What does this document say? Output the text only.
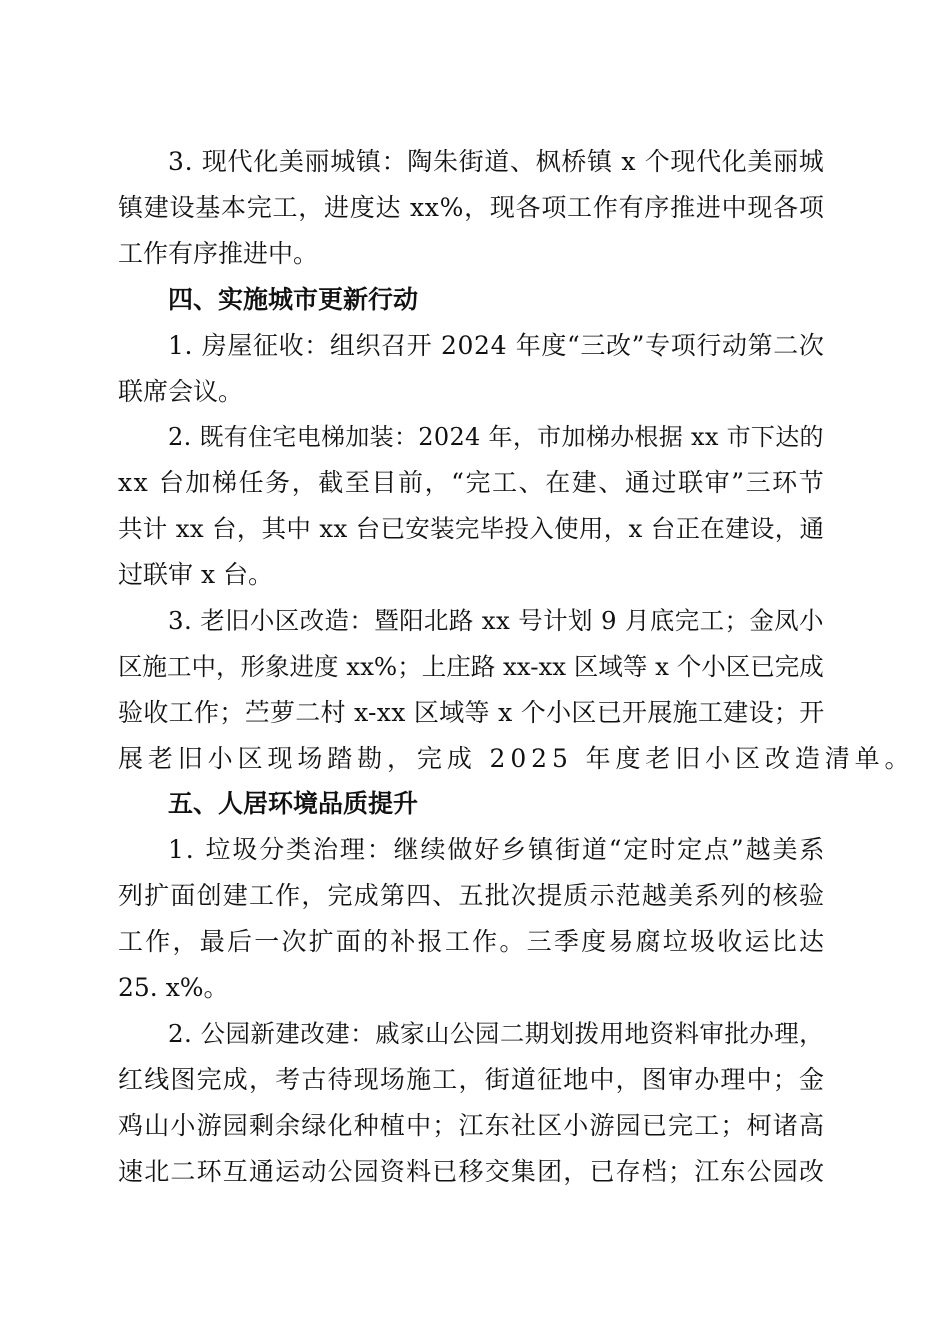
3. 现代化美丽城镇：陶朱街道、枫桥镇 x 个现代化美丽城
镇建设基本完工，进度达 xx%，现各项工作有序推进中现各项
工作有序推进中。
四、实施城市更新行动
1. 房屋征收：组织召开 2024 年度“三改”专项行动第二次
联席会议。
2. 既有住宅电梯加装：2024 年，市加梯办根据 xx 市下达的
xx 台加梯任务，截至目前，“完工、在建、通过联审”三环节
共计 xx 台，其中 xx 台已安装完毕投入使用，x 台正在建设，通
过联审 x 台。
3. 老旧小区改造：暨阳北路 xx 号计划 9 月底完工；金凤小
区施工中，形象进度 xx%；上庄路 xx-xx 区域等 x 个小区已完成
验收工作；苎萝二村 x-xx 区域等 x 个小区已开展施工建设；开
展老旧小区现场踏勘，完成 2025 年度老旧小区改造清单。
五、人居环境品质提升
1. 垃圾分类治理：继续做好乡镇街道“定时定点”越美系
列扩面创建工作，完成第四、五批次提质示范越美系列的核验
工作，最后一次扩面的补报工作。三季度易腐垃圾收运比达
25. x%。
2. 公园新建改建：戚家山公园二期划拨用地资料审批办理，
红线图完成，考古待现场施工，街道征地中，图审办理中；金
鸡山小游园剩余绿化种植中；江东社区小游园已完工；柯诸高
速北二环互通运动公园资料已移交集团，已存档；江东公园改
